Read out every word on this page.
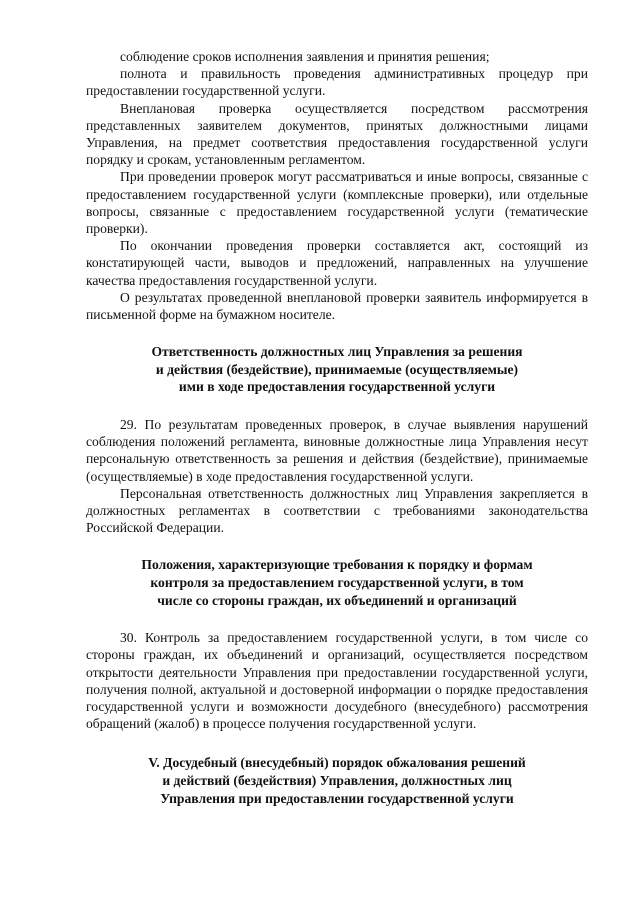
соблюдение сроков исполнения заявления и принятия решения;

полнота и правильность проведения административных процедур при предоставлении государственной услуги.

Внеплановая проверка осуществляется посредством рассмотрения представленных заявителем документов, принятых должностными лицами Управления, на предмет соответствия предоставления государственной услуги порядку и срокам, установленным регламентом.

При проведении проверок могут рассматриваться и иные вопросы, связанные с предоставлением государственной услуги (комплексные проверки), или отдельные вопросы, связанные с предоставлением государственной услуги (тематические проверки).

По окончании проведения проверки составляется акт, состоящий из констатирующей части, выводов и предложений, направленных на улучшение качества предоставления государственной услуги.

О результатах проведенной внеплановой проверки заявитель информируется в письменной форме на бумажном носителе.

Ответственность должностных лиц Управления за решения
и действия (бездействие), принимаемые (осуществляемые)
ими в ходе предоставления государственной услуги

29. По результатам проведенных проверок, в случае выявления нарушений соблюдения положений регламента, виновные должностные лица Управления несут персональную ответственность за решения и действия (бездействие), принимаемые (осуществляемые) в ходе предоставления государственной услуги.

Персональная ответственность должностных лиц Управления закрепляется в должностных регламентах в соответствии с требованиями законодательства Российской Федерации.

Положения, характеризующие требования к порядку и формам
контроля за предоставлением государственной услуги, в том
числе со стороны граждан, их объединений и организаций

30. Контроль за предоставлением государственной услуги, в том числе со стороны граждан, их объединений и организаций, осуществляется посредством открытости деятельности Управления при предоставлении государственной услуги, получения полной, актуальной и достоверной информации о порядке предоставления государственной услуги и возможности досудебного (внесудебного) рассмотрения обращений (жалоб) в процессе получения государственной услуги.

V. Досудебный (внесудебный) порядок обжалования решений
и действий (бездействия) Управления, должностных лиц
Управления при предоставлении государственной услуги
